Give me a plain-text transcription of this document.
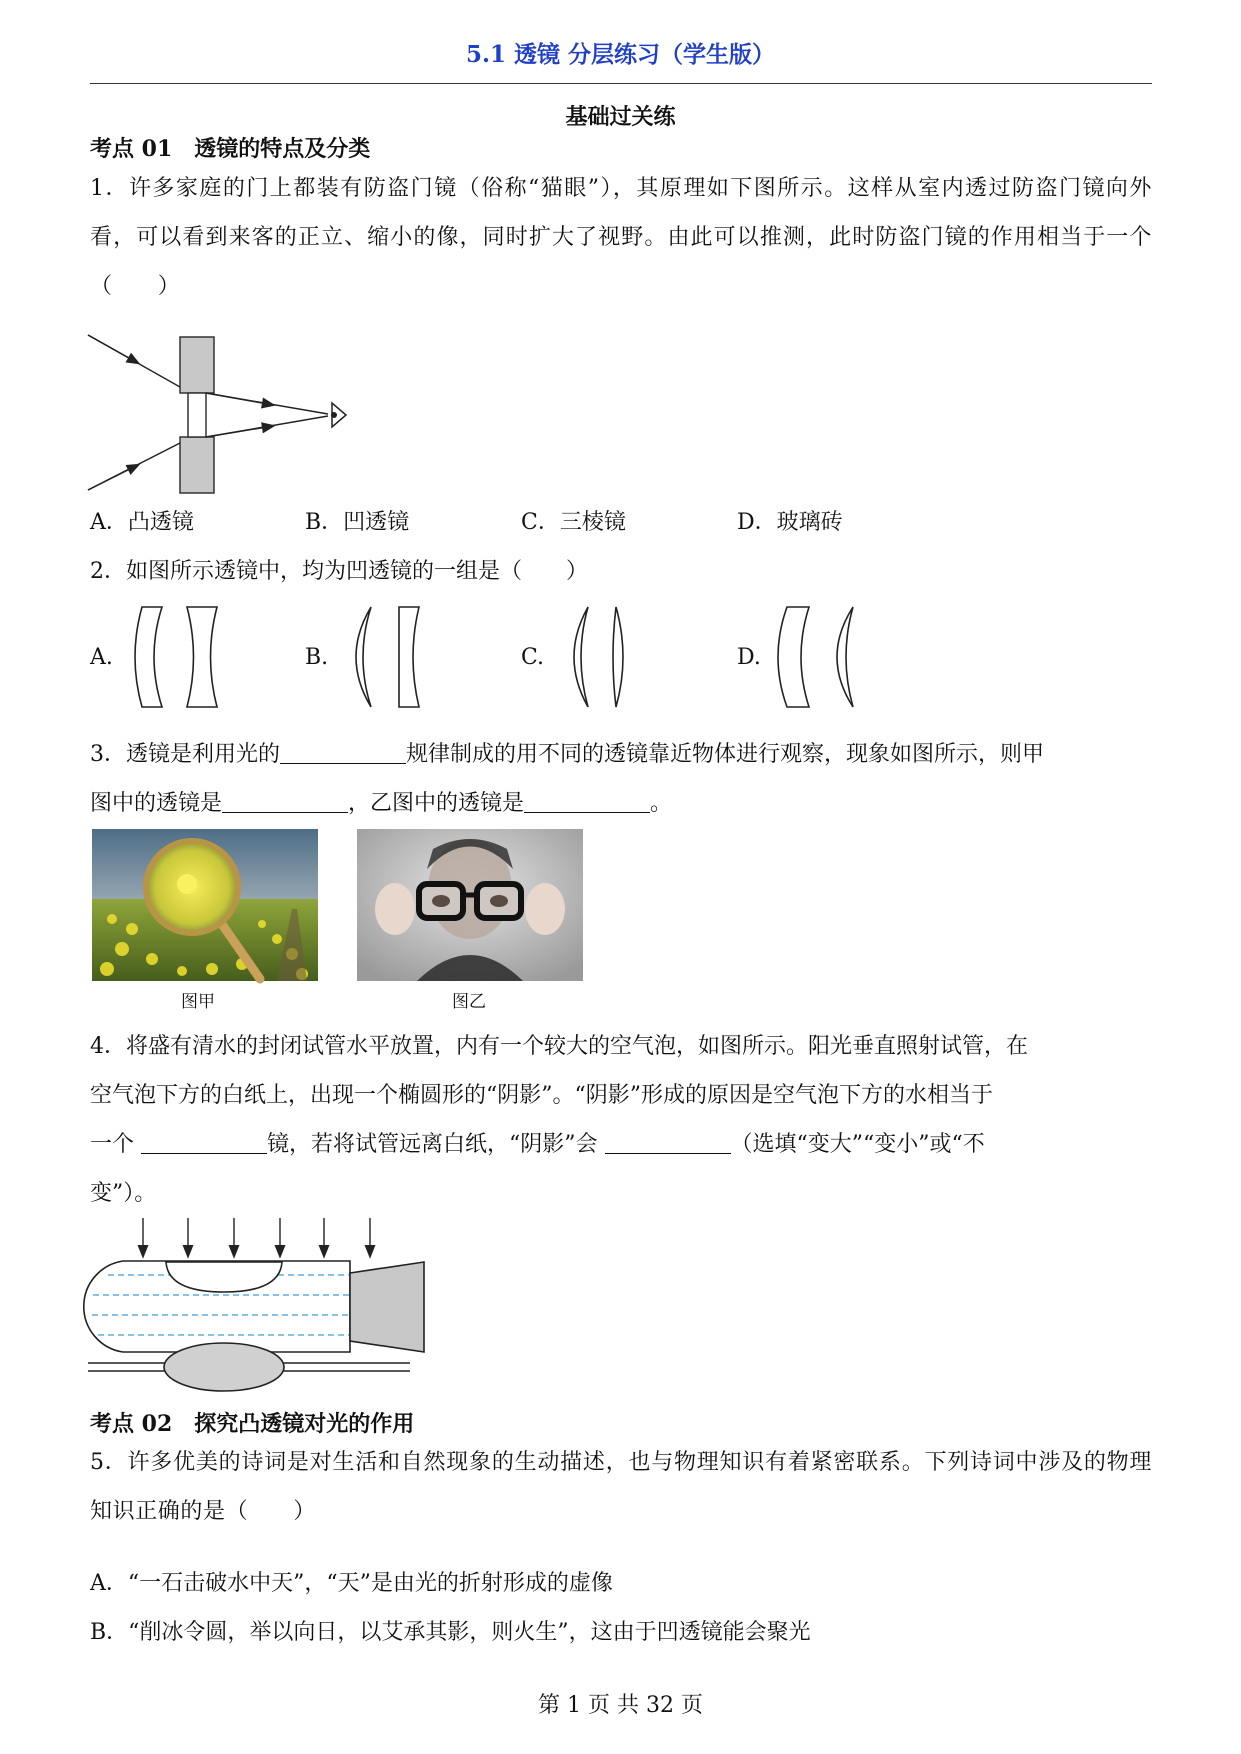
5.1 透镜 分层练习（学生版）
基础过关练
考点 01　透镜的特点及分类
1．许多家庭的门上都装有防盗门镜（俗称“猫眼”），其原理如下图所示。这样从室内透过防盗门镜向外看，可以看到来客的正立、缩小的像，同时扩大了视野。由此可以推测，此时防盗门镜的作用相当于一个（　　）
A．凸透镜	B．凹透镜	C．三棱镜	D．玻璃砖
2．如图所示透镜中，均为凹透镜的一组是（　　）
A.	B.	C.	D.
3．透镜是利用光的	规律制成的用不同的透镜靠近物体进行观察，现象如图所示，则甲
图中的透镜是	，乙图中的透镜是	。
图甲	图乙
4．将盛有清水的封闭试管水平放置，内有一个较大的空气泡，如图所示。阳光垂直照射试管，在
空气泡下方的白纸上，出现一个椭圆形的“阴影”。“阴影”形成的原因是空气泡下方的水相当于
一个	镜，若将试管远离白纸，“阴影”会	（选填“变大”“变小”或“不
变”）。
考点 02　探究凸透镜对光的作用
5．许多优美的诗词是对生活和自然现象的生动描述，也与物理知识有着紧密联系。下列诗词中涉及的物理知识正确的是（　　）
A．“一石击破水中天”，“天”是由光的折射形成的虚像
B．“削冰令圆，举以向日，以艾承其影，则火生”，这由于凹透镜能会聚光
第 1 页 共 32 页
